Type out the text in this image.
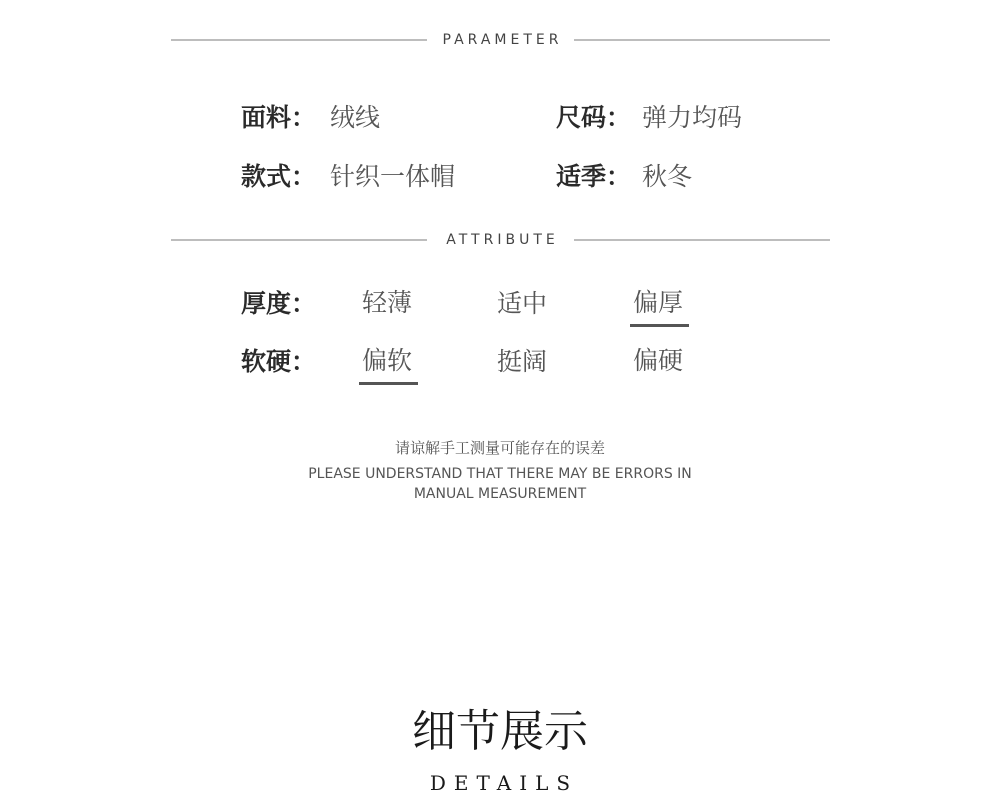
PARAMETER
面料： 绒线	尺码： 弹力均码
款式： 针织一体帽	适季： 秋冬
ATTRIBUTE
厚度： 轻薄	适中	偏厚
软硬： 偏软	挺阔	偏硬
请谅解手工测量可能存在的误差
PLEASE UNDERSTAND THAT THERE MAY BE ERRORS IN MANUAL MEASUREMENT
细节展示
DETAILS
